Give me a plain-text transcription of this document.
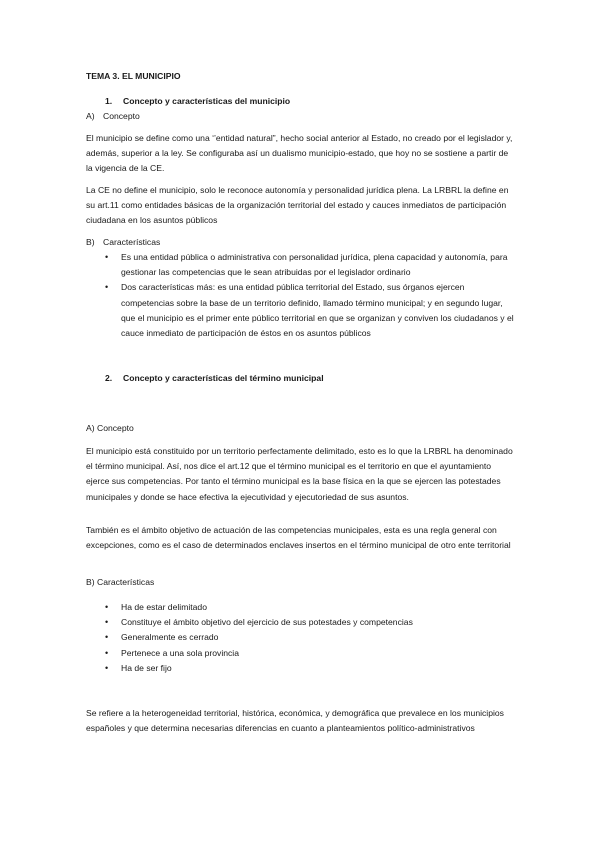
TEMA 3. EL MUNICIPIO

1. Concepto y características del municipio

A) Concepto

El municipio se define como una ‘’entidad natural”, hecho social anterior al Estado, no creado por el legislador y, además, superior a la ley. Se configuraba así un dualismo municipio-estado, que hoy no se sostiene a partir de la vigencia de la CE.

La CE no define el municipio, solo le reconoce autonomía y personalidad jurídica plena. La LRBRL la define en su art.11 como entidades básicas de la organización territorial del estado y cauces inmediatos de participación ciudadana en los asuntos públicos

B) Características

• Es una entidad pública o administrativa con personalidad jurídica, plena capacidad y autonomía, para gestionar las competencias que le sean atribuidas por el legislador ordinario
• Dos características más: es una entidad pública territorial del Estado, sus órganos ejercen competencias sobre la base de un territorio definido, llamado término municipal; y en segundo lugar, que el municipio es el primer ente público territorial en que se organizan y conviven los ciudadanos y el cauce inmediato de participación de éstos en os asuntos públicos

2. Concepto y características del término municipal

A) Concepto

El municipio está constituido por un territorio perfectamente delimitado, esto es lo que la LRBRL ha denominado el término municipal. Así, nos dice el art.12 que el término municipal es el territorio en que el ayuntamiento ejerce sus competencias. Por tanto el término municipal es la base física en la que se ejercen las potestades municipales y donde se hace efectiva la ejecutividad y ejecutoriedad de sus asuntos.

También es el ámbito objetivo de actuación de las competencias municipales, esta es una regla general con excepciones, como es el caso de determinados enclaves insertos en el término municipal de otro ente territorial

B) Características

• Ha de estar delimitado
• Constituye el ámbito objetivo del ejercicio de sus potestades y competencias
• Generalmente es cerrado
• Pertenece a una sola provincia
• Ha de ser fijo

Se refiere a la heterogeneidad territorial, histórica, económica, y demográfica que prevalece en los municipios españoles y que determina necesarias diferencias en cuanto a planteamientos político-administrativos
